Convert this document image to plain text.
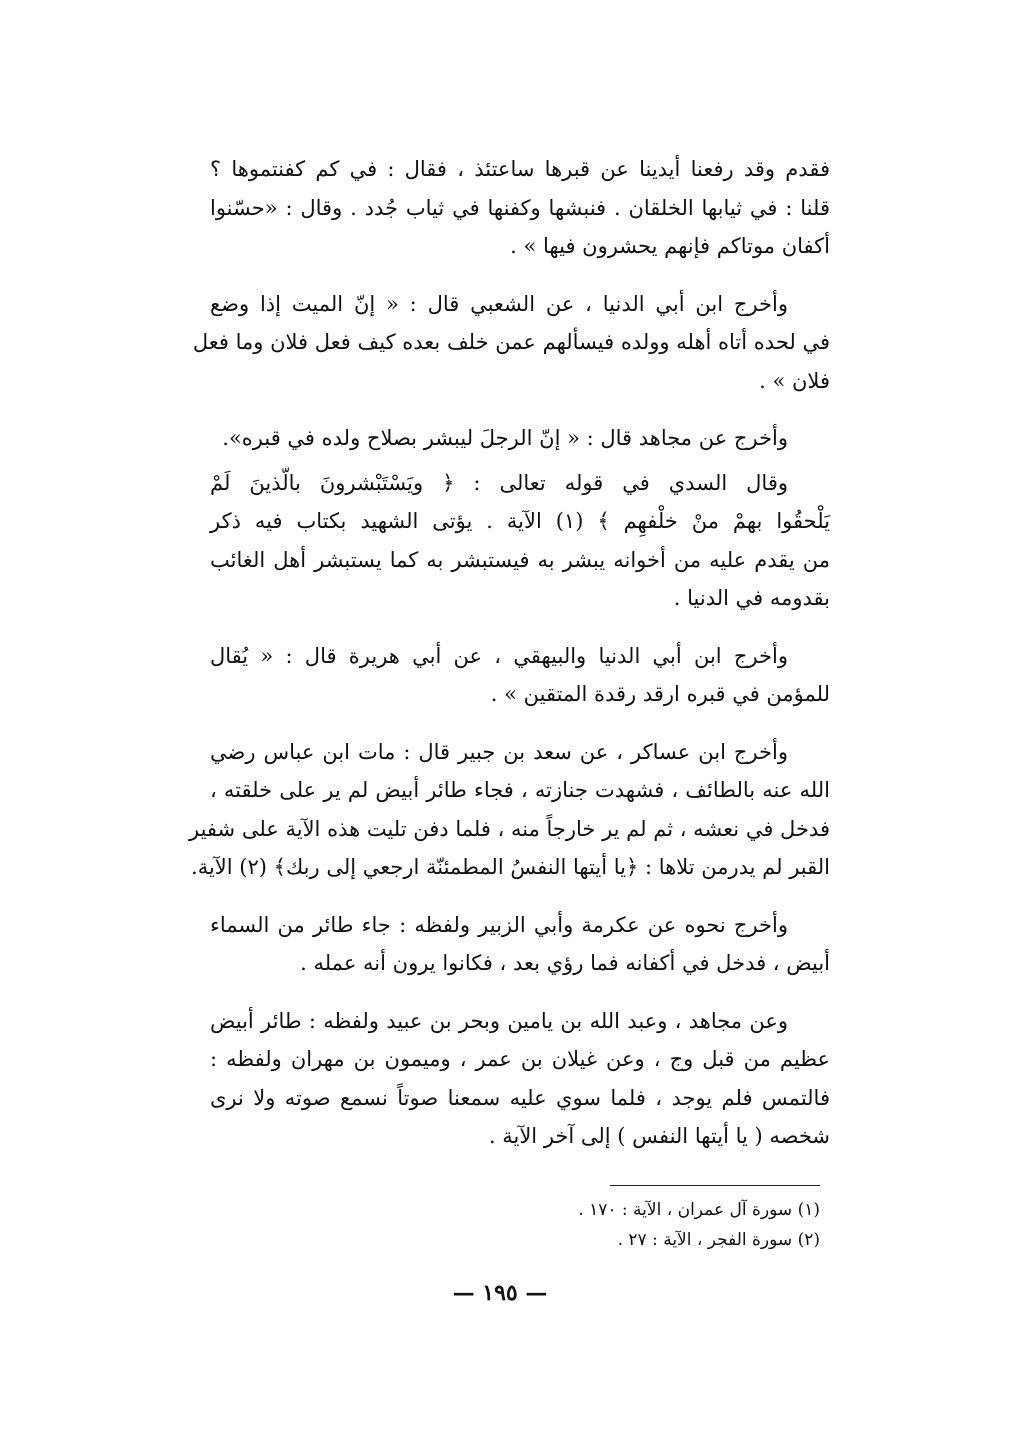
فقدم وقد رفعنا أيدينا عن قبرها ساعتئذ ، فقال : في كم كفنتموها ؟
قلنا : في ثيابها الخلقان . فنبشها وكفنها في ثياب جُدد . وقال : «حسّنوا
أكفان موتاكم فإنهم يحشرون فيها » .

وأخرج ابن أبي الدنيا ، عن الشعبي قال : « إنّ الميت إذا وضع
في لحده أتاه أهله وولده فيسألهم عمن خلف بعده كيف فعل فلان وما فعل
فلان » .

وأخرج عن مجاهد قال : « إنّ الرجلَ ليبشر بصلاح ولده في قبره».

وقال السدي في قوله تعالى : ﴿ ويَسْتَبْشرونَ بالّذينَ لَمْ
يَلْحقُوا بهمْ منْ خلْفهِم ﴾ (١) الآية . يؤتى الشهيد بكتاب فيه ذكر
من يقدم عليه من أخوانه يبشر به فيستبشر به كما يستبشر أهل الغائب
بقدومه في الدنيا .

وأخرج ابن أبي الدنيا والبيهقي ، عن أبي هريرة قال : « يُقال
للمؤمن في قبره ارقد رقدة المتقين » .

وأخرج ابن عساكر ، عن سعد بن جبير قال : مات ابن عباس رضي
الله عنه بالطائف ، فشهدت جنازته ، فجاء طائر أبيض لم ير على خلقته ،
فدخل في نعشه ، ثم لم ير خارجاً منه ، فلما دفن تليت هذه الآية على شفير
القبر لم يدرمن تلاها : ﴿يا أيتها النفسُ المطمئنّة ارجعي إلى ربك﴾ (٢) الآية.

وأخرج نحوه عن عكرمة وأبي الزبير ولفظه : جاء طائر من السماء
أبيض ، فدخل في أكفانه فما رؤي بعد ، فكانوا يرون أنه عمله .

وعن مجاهد ، وعبد الله بن يامين وبحر بن عبيد ولفظه : طائر أبيض
عظيم من قبل وج ، وعن غيلان بن عمر ، وميمون بن مهران ولفظه :
فالتمس فلم يوجد ، فلما سوي عليه سمعنا صوتاً نسمع صوته ولا نرى
شخصه ( يا أيتها النفس ) إلى آخر الآية .

(١) سورة آل عمران ، الآية : ١٧٠ .
(٢) سورة الفجر ، الآية : ٢٧ .
— ١٩٥ —
